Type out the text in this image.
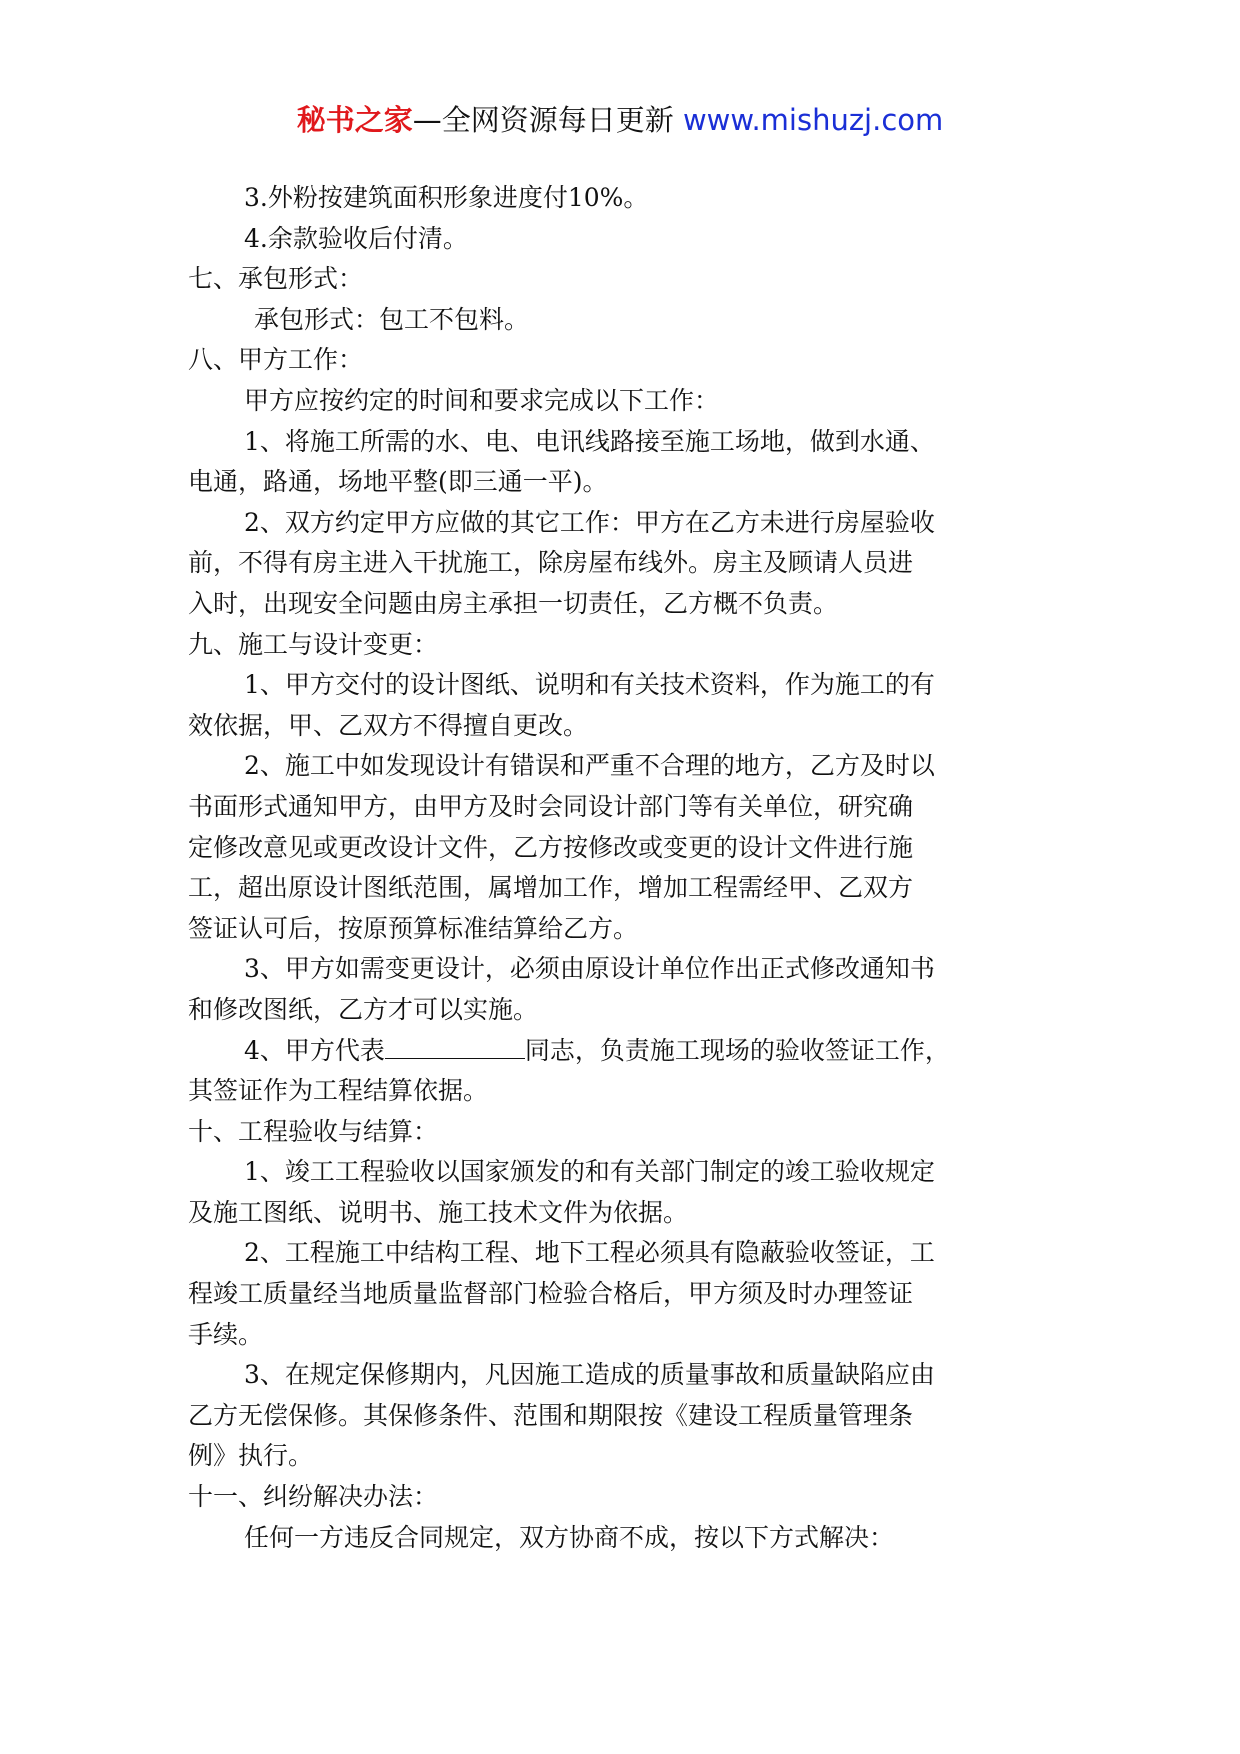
秘书之家—全网资源每日更新 www.mishuzj.com
3.外粉按建筑面积形象进度付10%。
4.余款验收后付清。
七、承包形式：
承包形式：包工不包料。
八、甲方工作：
甲方应按约定的时间和要求完成以下工作：
1、将施工所需的水、电、电讯线路接至施工场地，做到水通、
电通，路通，场地平整(即三通一平)。
2、双方约定甲方应做的其它工作：甲方在乙方未进行房屋验收
前，不得有房主进入干扰施工，除房屋布线外。房主及顾请人员进
入时，出现安全问题由房主承担一切责任，乙方概不负责。
九、施工与设计变更：
1、甲方交付的设计图纸、说明和有关技术资料，作为施工的有
效依据，甲、乙双方不得擅自更改。
2、施工中如发现设计有错误和严重不合理的地方，乙方及时以
书面形式通知甲方，由甲方及时会同设计部门等有关单位，研究确
定修改意见或更改设计文件，乙方按修改或变更的设计文件进行施
工，超出原设计图纸范围，属增加工作，增加工程需经甲、乙双方
签证认可后，按原预算标准结算给乙方。
3、甲方如需变更设计，必须由原设计单位作出正式修改通知书
和修改图纸，乙方才可以实施。
4、甲方代表	同志，负责施工现场的验收签证工作，
其签证作为工程结算依据。
十、工程验收与结算：
1、竣工工程验收以国家颁发的和有关部门制定的竣工验收规定
及施工图纸、说明书、施工技术文件为依据。
2、工程施工中结构工程、地下工程必须具有隐蔽验收签证，工
程竣工质量经当地质量监督部门检验合格后，甲方须及时办理签证
手续。
3、在规定保修期内，凡因施工造成的质量事故和质量缺陷应由
乙方无偿保修。其保修条件、范围和期限按《建设工程质量管理条
例》执行。
十一、纠纷解决办法：
任何一方违反合同规定，双方协商不成，按以下方式解决：
